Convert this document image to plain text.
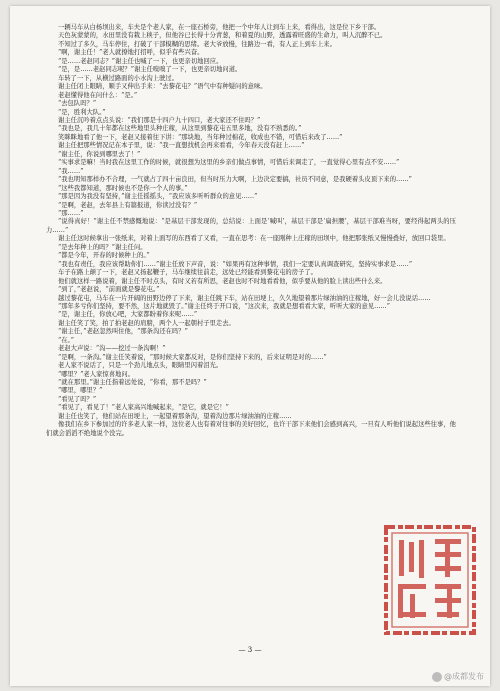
一辆马车从白杨坝出来，车夫是个老人家，在一座石桥旁，他把一个中年人让到车上来，看得出，这是位下乡干部。

天色灰蒙蒙的，水田里没有栽上秧子，但他谷已长得十分青葱，和着夏的山野，透露着旺盛的生命力，叫人沉醉不已。

不知过了多久，马车停住，打破了干部模糊的思绪。老大爷放慢，往路边一看，有人正上到车上来。

“啊，谢主任！”老人就撩地打招呼，似乎有些兴奋。

“是……老赵同志？”谢主任也喊了一下，也更亲切地回应。

“是，是……老赵同志呢？”谢主任嗅嗅了一下，也更亲切地问道。

车转了一下，从横过路面的小水沟上驶过。

谢主任闭上眼睛，顺手又伸出手来：“去黎花屯？”语气中有种疑问的意味。

老赵懂得他在问什么：“是。”

“去包队吗？”

“是，胜利大队。”

谢主任沉吟着点点头说：“我们那是十四户九十四口，老大家还不住吗？”

“我也是，我几十年都在这些地里头种庄稼，从这里到黎花屯五里多地，没有不熟悉的。”

笑眯眯地看了他一下，老赵又接着往下讲：“那块地，当年种过棉花，收成也不错，可惜后来改了……”

谢主任把那些情况记在本子里，说：“我一直想找机会再来看看，今年春天没有赶上……”

“谢主任，你说到哪里去了！”

“实事求是嘛！当时我在这里工作的时候，就很想为这里的乡亲们做点事情，可惜后来调走了，一直觉得心里有点不安……”

“我……”

“我也明知那样办不合理，一气就占了四十亩良田，但当时压力大啊，上边决定要搞，社员不同意，是我硬着头皮顶下来的……”

“这些我都知道，那时候也不是你一个人的事。”

“那是因为我没有坚持，”谢主任摇摇头，“我应该多听听群众的意见……”

“是啊，老赵，去年县上有篇报道，你读过没有？”

“那……”

“说得真好！”谢主任不禁感慨地说：“是基层干部发现的，总结说：上面是‘喊叫’，基层干部是‘扁担腰’，基层干部难当呀，要经得起两头的压力……”

谢主任这时候拿出一张纸来，对着上面写的东西看了又看，一直在思考：在一座刚种上庄稼的田坝中，他把那张纸又慢慢叠好，放回口袋里。

“是去年种上的吗？”谢主任问。

“都是今年，开春的时候种上的。”

“我也有责任，我应该帮助你们……”谢主任放下声音，说：“如果再有这种事情，我们一定要认真调查研究，坚持实事求是……”

车子在路上颠了一下，老赵又扬起鞭子，马车继续往前走，远处已经能看到黎花屯的房子了。

他们就这样一路说着，谢主任不时点头，有时又若有所思，老赵也时不时地看看他，似乎要从他的脸上读出些什么来。

“到了，”老赵说，“前面就是黎花屯。”

越过黎花屯，马车在一片开阔的田野边停了下来，谢主任跳下车，站在田埂上，久久地望着那片绿油油的庄稼地，好一会儿没说话……

“那年多亏你们坚持，要不然，这片地就毁了。”谢主任终于开口说，“这次来，我就是想看看大家，听听大家的意见……”

“是，谢主任，你放心吧，大家都盼着你来呢……”

谢主任笑了笑，拍了拍老赵的肩膀，两个人一起朝村子里走去。

“谢主任，”老赵忽然叫住他，“那条沟还在吗？”

“在。”

老赵大声说：“沟——挖过一条沟啊！”

“是啊，一条沟。”谢主任笑着说，“那时候大家都反对，是你们坚持下来的，后来证明是对的……”

老人家不说话了，只是一个劲儿地点头，眼睛里闪着泪光。

“哪里？”老人家惊喜地问。

“就在那里。”谢主任指着远处说，“你看，那不是吗？”

“哪里，哪里？”

“看见了吗？”

“看见了，看见了！”老人家高兴地喊起来，“是它，就是它！”

谢主任也笑了，他们站在田埂上，一起望着那条沟，望着沟边那片绿油油的庄稼……

像我们在乡下参加过的许多老人家一样，这位老人也有着对往事的美好回忆，也许干部下来他们会感到高兴，一旦有人听他们说起这些往事，他们就会滔滔不绝地说个没完。

— 3 —
@成都发布
